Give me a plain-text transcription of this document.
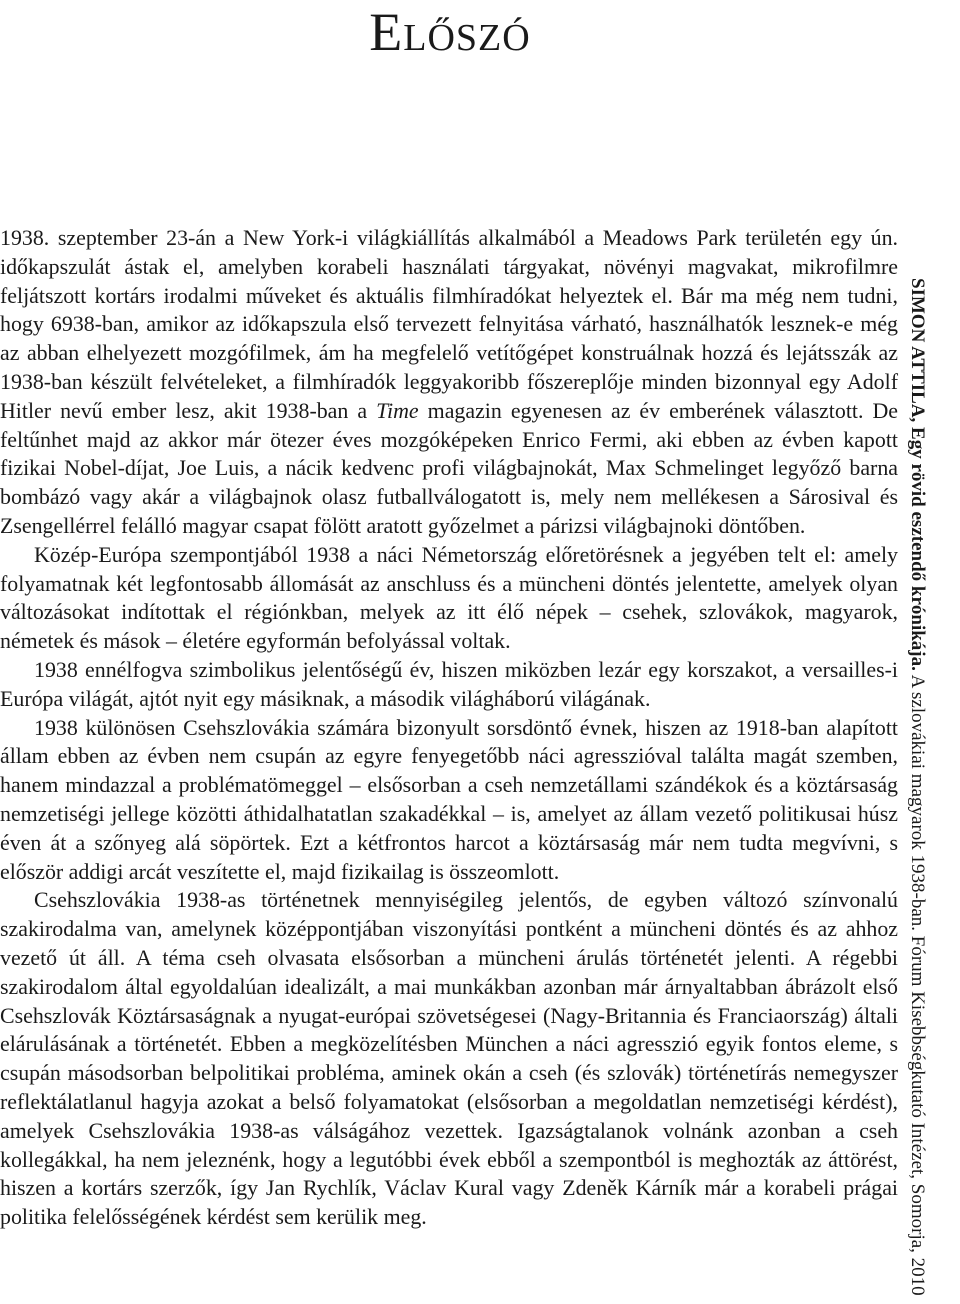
Előszó

1938. szeptember 23-án a New York-i világkiállítás alkalmából a Meadows Park területén egy ún. időkapszulát ástak el, amelyben korabeli használati tárgyakat, növényi magvakat, mikrofilmre feljátszott kortárs irodalmi műveket és aktuális filmhíradókat helyeztek el. Bár ma még nem tudni, hogy 6938-ban, amikor az időkapszula első tervezett felnyitása várható, használhatók lesznek-e még az abban elhelyezett mozgófilmek, ám ha megfelelő vetítőgépet konstruálnak hozzá és lejátsszák az 1938-ban készült felvételeket, a filmhíradók leggyakoribb főszereplője minden bizonnyal egy Adolf Hitler nevű ember lesz, akit 1938-ban a Time magazin egyenesen az év emberének választott. De feltűnhet majd az akkor már ötezer éves mozgóképeken Enrico Fermi, aki ebben az évben kapott fizikai Nobel-díjat, Joe Luis, a nácik kedvenc profi világbajnokát, Max Schmelinget legyőző barna bombázó vagy akár a világbajnok olasz futballválogatott is, mely nem mellékesen a Sárosival és Zsengellérrel felálló magyar csapat fölött aratott győzelmet a párizsi világbajnoki döntőben.

Közép-Európa szempontjából 1938 a náci Németország előretörésnek a jegyében telt el: amely folyamatnak két legfontosabb állomását az anschluss és a müncheni döntés jelentette, amelyek olyan változásokat indítottak el régiónkban, melyek az itt élő népek – csehek, szlovákok, magyarok, németek és mások – életére egyformán befolyással voltak.

1938 ennélfogva szimbolikus jelentőségű év, hiszen miközben lezár egy korszakot, a versailles-i Európa világát, ajtót nyit egy másiknak, a második világháború világának.

1938 különösen Csehszlovákia számára bizonyult sorsdöntő évnek, hiszen az 1918-ban alapított állam ebben az évben nem csupán az egyre fenyegetőbb náci agresszióval találta magát szemben, hanem mindazzal a problématömeggel – elsősorban a cseh nemzetállami szándékok és a köztársaság nemzetiségi jellege közötti áthidalhatatlan szakadékkal – is, amelyet az állam vezető politikusai húsz éven át a szőnyeg alá söpörtek. Ezt a kétfrontos harcot a köztársaság már nem tudta megvívni, s először addigi arcát veszítette el, majd fizikailag is összeomlott.

Csehszlovákia 1938-as történetnek mennyiségileg jelentős, de egyben változó színvonalú szakirodalma van, amelynek középpontjában viszonyítási pontként a müncheni döntés és az ahhoz vezető út áll. A téma cseh olvasata elsősorban a müncheni árulás történetét jelenti. A régebbi szakirodalom által egyoldalúan idealizált, a mai munkákban azonban már árnyaltabban ábrázolt első Csehszlovák Köztársaságnak a nyugat-európai szövetségesei (Nagy-Britannia és Franciaország) általi elárulásának a történetét. Ebben a megközelítésben München a náci agresszió egyik fontos eleme, s csupán másodsorban belpolitikai probléma, aminek okán a cseh (és szlovák) történetírás nemegyszer reflektálatlanul hagyja azokat a belső folyamatokat (elsősorban a megoldatlan nemzetiségi kérdést), amelyek Csehszlovákia 1938-as válságához vezettek. Igazságtalanok volnánk azonban a cseh kollegákkal, ha nem jeleznénk, hogy a legutóbbi évek ebből a szempontból is meghozták az áttörést, hiszen a kortárs szerzők, így Jan Rychlík, Václav Kural vagy Zdeněk Kárník már a korabeli prágai politika felelősségének kérdést sem kerülik meg.

SIMON ATTILA, Egy rövid esztendő krónikája. A szlovákiai magyarok 1938-ban. Fórum Kisebbségkutató Intézet, Somorja, 2010
